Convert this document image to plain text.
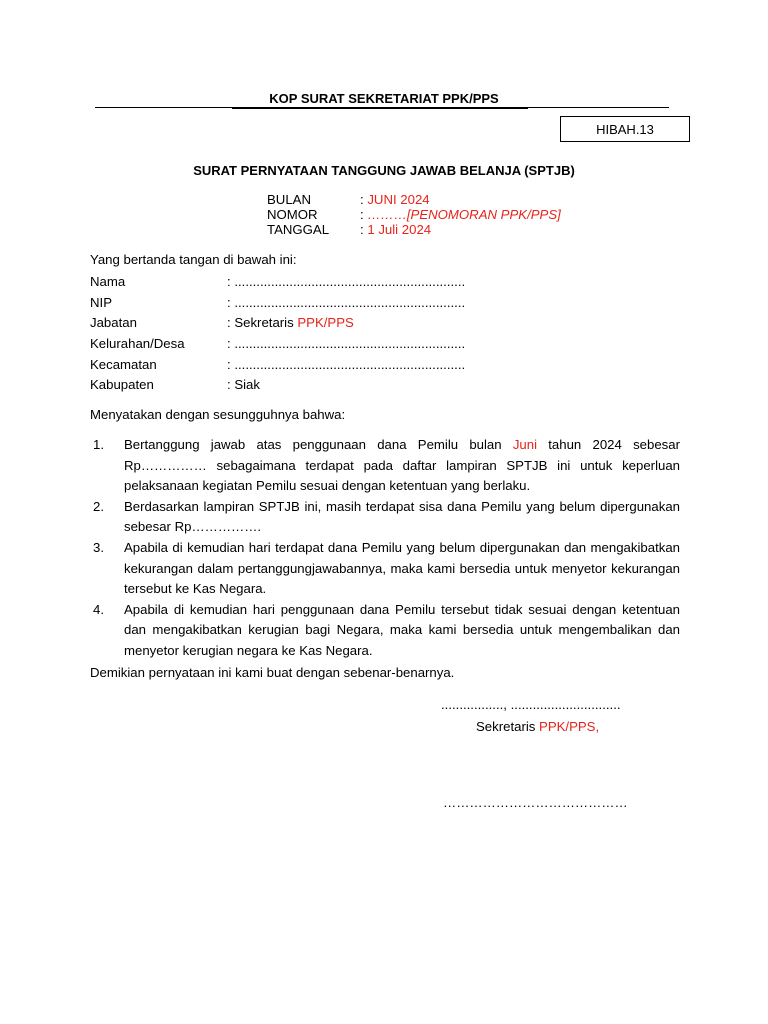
KOP SURAT SEKRETARIAT PPK/PPS
HIBAH.13
SURAT PERNYATAAN TANGGUNG JAWAB BELANJA (SPTJB)
BULAN	: JUNI 2024
NOMOR	: ………[PENOMORAN PPK/PPS]
TANGGAL : 1 Juli 2024
Yang bertanda tangan di bawah ini:
Nama	: ...............................................................
NIP	: ...............................................................
Jabatan	: Sekretaris PPK/PPS
Kelurahan/Desa	: ...............................................................
Kecamatan	: ...............................................................
Kabupaten	: Siak
Menyatakan dengan sesungguhnya bahwa:
1. Bertanggung jawab atas penggunaan dana Pemilu bulan Juni tahun 2024 sebesar Rp…………… sebagaimana terdapat pada daftar lampiran SPTJB ini untuk keperluan pelaksanaan kegiatan Pemilu sesuai dengan ketentuan yang berlaku.
2. Berdasarkan lampiran SPTJB ini, masih terdapat sisa dana Pemilu yang belum dipergunakan sebesar Rp…………….
3. Apabila di kemudian hari terdapat dana Pemilu yang belum dipergunakan dan mengakibatkan kekurangan dalam pertanggungjawabannya, maka kami bersedia untuk menyetor kekurangan tersebut ke Kas Negara.
4. Apabila di kemudian hari penggunaan dana Pemilu tersebut tidak sesuai dengan ketentuan dan mengakibatkan kerugian bagi Negara, maka kami bersedia untuk mengembalikan dan menyetor kerugian negara ke Kas Negara.
Demikian pernyataan ini kami buat dengan sebenar-benarnya.
................., ..............................
Sekretaris PPK/PPS,
……………………………………
